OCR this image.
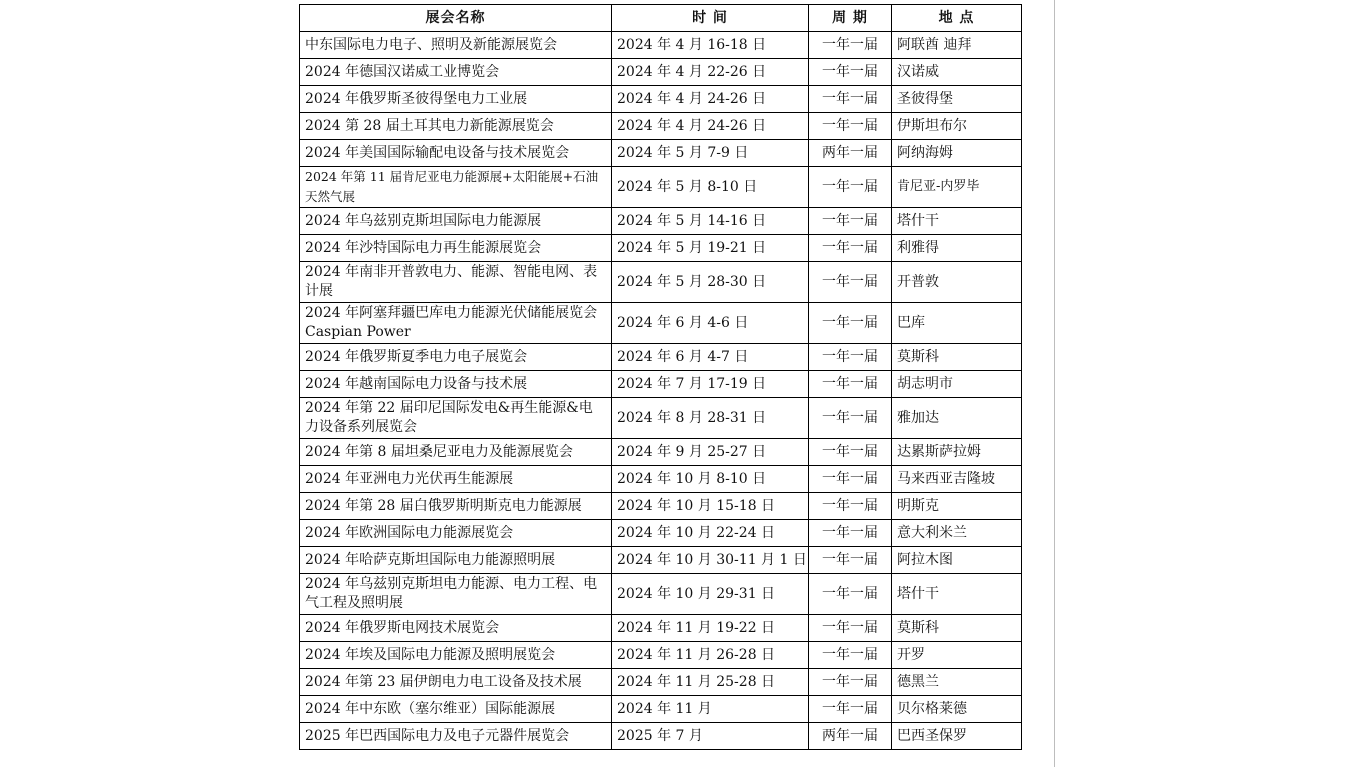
展会名称	时 间	周 期	地 点
中东国际电力电子、照明及新能源展览会	2024 年 4 月 16-18 日	一年一届	阿联酋 迪拜
2024 年德国汉诺威工业博览会	2024 年 4 月 22-26 日	一年一届	汉诺威
2024 年俄罗斯圣彼得堡电力工业展	2024 年 4 月 24-26 日	一年一届	圣彼得堡
2024 第 28 届土耳其电力新能源展览会	2024 年 4 月 24-26 日	一年一届	伊斯坦布尔
2024 年美国国际输配电设备与技术展览会	2024 年 5 月 7-9 日	两年一届	阿纳海姆
2024 年第 11 届肯尼亚电力能源展+太阳能展+石油天然气展	2024 年 5 月 8-10 日	一年一届	肯尼亚-内罗毕
2024 年乌兹别克斯坦国际电力能源展	2024 年 5 月 14-16 日	一年一届	塔什干
2024 年沙特国际电力再生能源展览会	2024 年 5 月 19-21 日	一年一届	利雅得
2024 年南非开普敦电力、能源、智能电网、表计展	2024 年 5 月 28-30 日	一年一届	开普敦
2024 年阿塞拜疆巴库电力能源光伏储能展览会 Caspian Power	2024 年 6 月 4-6 日	一年一届	巴库
2024 年俄罗斯夏季电力电子展览会	2024 年 6 月 4-7 日	一年一届	莫斯科
2024 年越南国际电力设备与技术展	2024 年 7 月 17-19 日	一年一届	胡志明市
2024 年第 22 届印尼国际发电&再生能源&电力设备系列展览会	2024 年 8 月 28-31 日	一年一届	雅加达
2024 年第 8 届坦桑尼亚电力及能源展览会	2024 年 9 月 25-27 日	一年一届	达累斯萨拉姆
2024 年亚洲电力光伏再生能源展	2024 年 10 月 8-10 日	一年一届	马来西亚吉隆坡
2024 年第 28 届白俄罗斯明斯克电力能源展	2024 年 10 月 15-18 日	一年一届	明斯克
2024 年欧洲国际电力能源展览会	2024 年 10 月 22-24 日	一年一届	意大利米兰
2024 年哈萨克斯坦国际电力能源照明展	2024 年 10 月 30-11 月 1 日	一年一届	阿拉木图
2024 年乌兹别克斯坦电力能源、电力工程、电气工程及照明展	2024 年 10 月 29-31 日	一年一届	塔什干
2024 年俄罗斯电网技术展览会	2024 年 11 月 19-22 日	一年一届	莫斯科
2024 年埃及国际电力能源及照明展览会	2024 年 11 月 26-28 日	一年一届	开罗
2024 年第 23 届伊朗电力电工设备及技术展	2024 年 11 月 25-28 日	一年一届	德黑兰
2024 年中东欧（塞尔维亚）国际能源展	2024 年 11 月	一年一届	贝尔格莱德
2025 年巴西国际电力及电子元器件展览会	2025 年 7 月	两年一届	巴西圣保罗
